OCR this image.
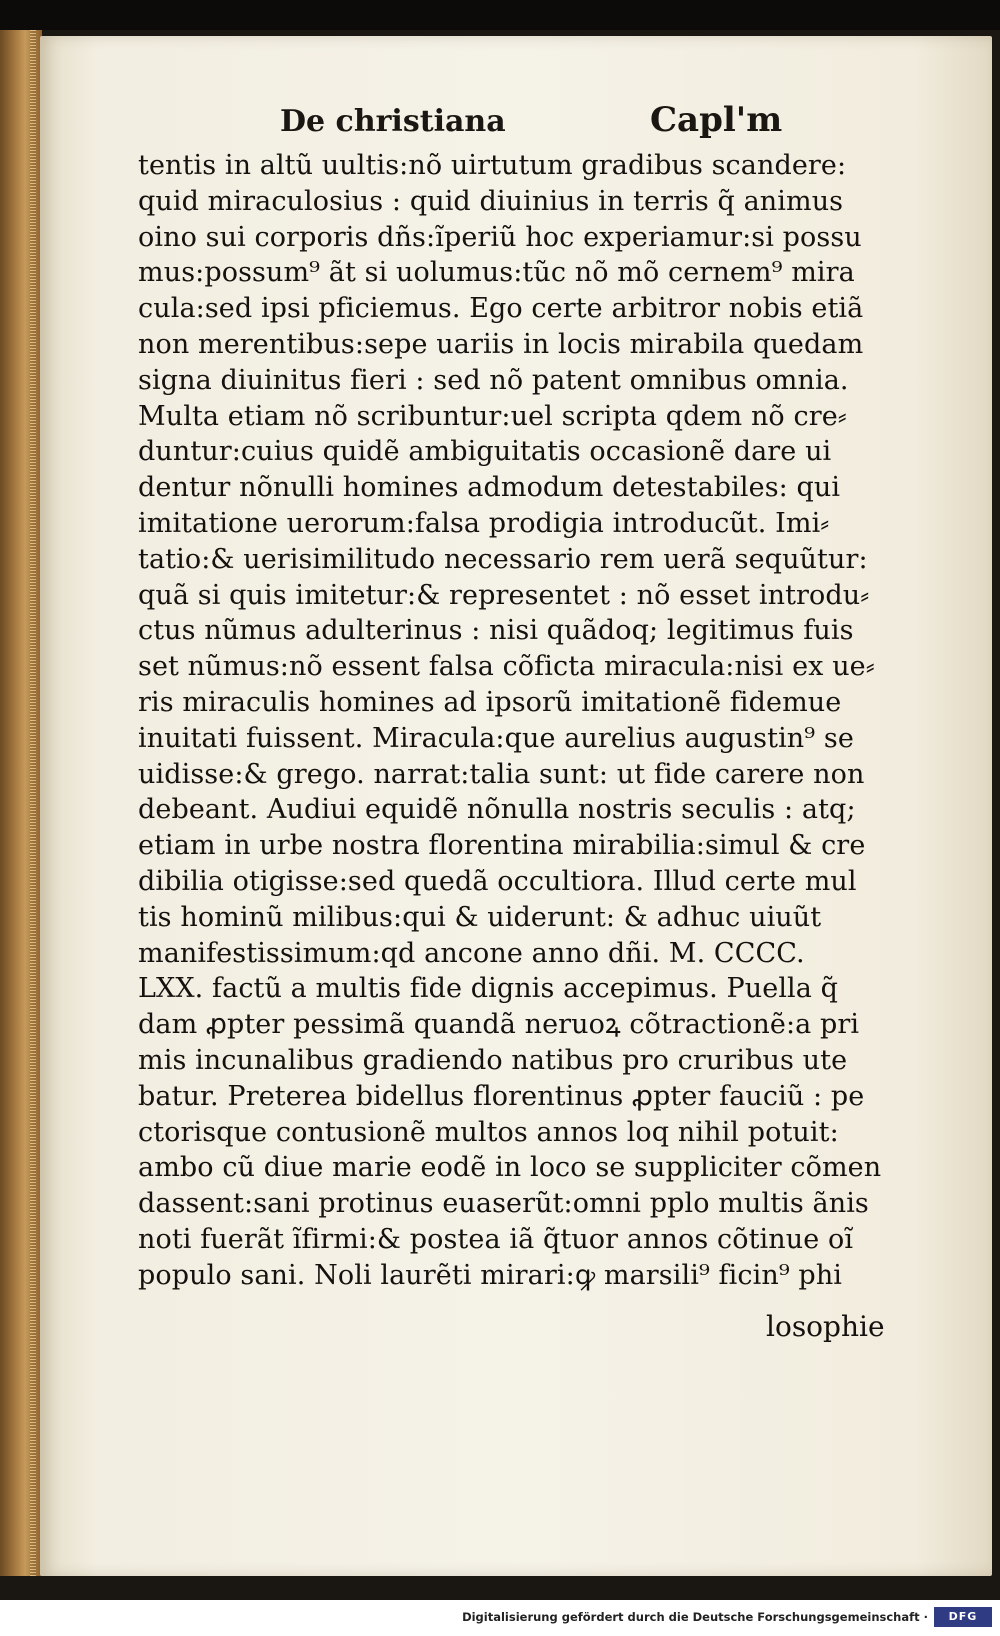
De christiana	Capl'm
tentis in altũ uultis:nõ uirtutum gradibus scandere:
quid miraculosius : quid diuinius in terris q̃ animus
oino sui corporis dñs:ĩperiũ hoc experiamur:si possu
mus:possum⁹ ãt si uolumus:tũc nõ mõ cernem⁹ mira
cula:sed ipsi pficiemus. Ego certe arbitror nobis etiã
non merentibus:sepe uariis in locis mirabila quedam
signa diuinitus fieri : sed nõ patent omnibus omnia.
Multa etiam nõ scribuntur:uel scripta qdem nõ cre⸗
duntur:cuius quidẽ ambiguitatis occasionẽ dare ui
dentur nõnulli homines admodum detestabiles: qui
imitatione uerorum:falsa prodigia introducũt. Imi⸗
tatio:& uerisimilitudo necessario rem uerã sequũtur:
quã si quis imitetur:& representet : nõ esset introdu⸗
ctus nũmus adulterinus : nisi quãdoq; legitimus fuis
set nũmus:nõ essent falsa cõficta miracula:nisi ex ue⸗
ris miraculis homines ad ipsorũ imitationẽ fidemue
inuitati fuissent. Miracula:que aurelius augustin⁹ se
uidisse:& grego. narrat:talia sunt: ut fide carere non
debeant. Audiui equidẽ nõnulla nostris seculis : atq;
etiam in urbe nostra florentina mirabilia:simul & cre
dibilia otigisse:sed quedã occultiora. Illud certe mul
tis hominũ milibus:qui & uiderunt: & adhuc uiuũt
manifestissimum:qd ancone anno dñi. M. CCCC.
LXX. factũ a multis fide dignis accepimus. Puella q̃
dam ꝓpter pessimã quandã neruoꝝ cõtractionẽ:a pri
mis incunalibus gradiendo natibus pro cruribus ute
batur. Preterea bidellus florentinus ꝓpter fauciũ : pe
ctorisque contusionẽ multos annos loq nihil potuit:
ambo cũ diue marie eodẽ in loco se suppliciter cõmen
dassent:sani protinus euaserũt:omni pplo multis ãnis
noti fuerãt ĩfirmi:& postea iã q̃tuor annos cõtinue oĩ
populo sani. Noli laurẽti mirari:ꝙ marsili⁹ ficin⁹ phi
losophie
Digitalisierung gefördert durch die Deutsche Forschungsgemeinschaft ·	DFG
